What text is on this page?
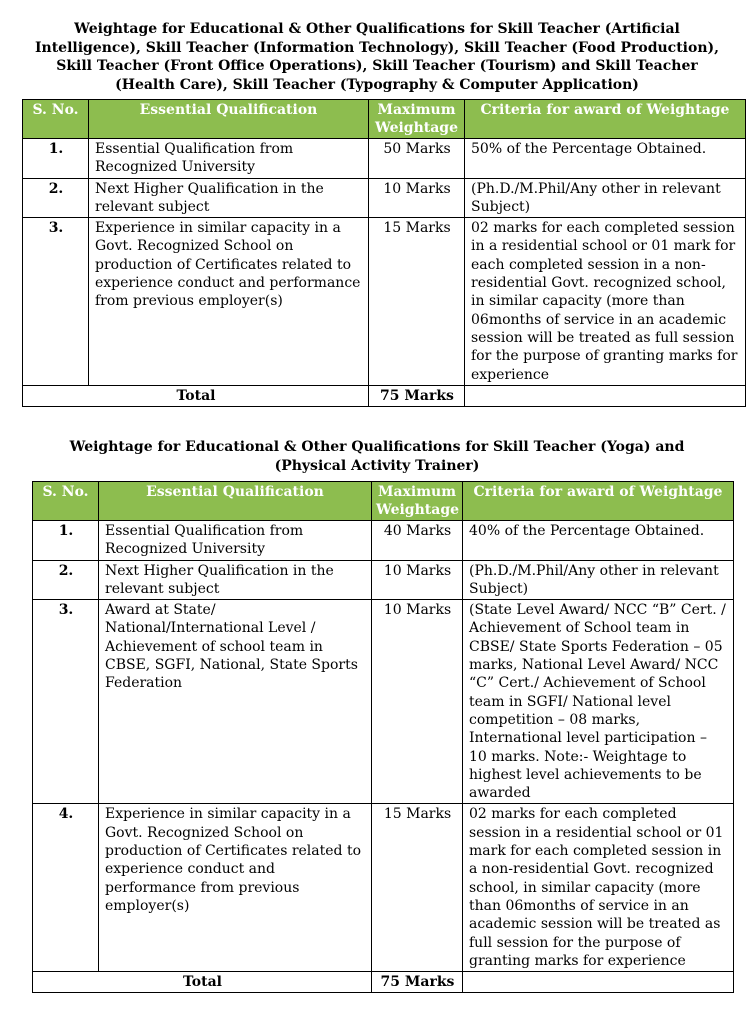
Weightage for Educational & Other Qualifications for Skill Teacher (Artificial Intelligence), Skill Teacher (Information Technology), Skill Teacher (Food Production), Skill Teacher (Front Office Operations), Skill Teacher (Tourism) and Skill Teacher (Health Care), Skill Teacher (Typography & Computer Application)
S. No.	Essential Qualification	Maximum Weightage	Criteria for award of Weightage
1.	Essential Qualification from Recognized University	50 Marks	50% of the Percentage Obtained.
2.	Next Higher Qualification in the relevant subject	10 Marks	(Ph.D./M.Phil/Any other in relevant Subject)
3.	Experience in similar capacity in a Govt. Recognized School on production of Certificates related to experience conduct and performance from previous employer(s)	15 Marks	02 marks for each completed session in a residential school or 01 mark for each completed session in a non-residential Govt. recognized school, in similar capacity (more than 06months of service in an academic session will be treated as full session for the purpose of granting marks for experience
Total		75 Marks	
Weightage for Educational & Other Qualifications for Skill Teacher (Yoga) and (Physical Activity Trainer)
S. No.	Essential Qualification	Maximum Weightage	Criteria for award of Weightage
1.	Essential Qualification from Recognized University	40 Marks	40% of the Percentage Obtained.
2.	Next Higher Qualification in the relevant subject	10 Marks	(Ph.D./M.Phil/Any other in relevant Subject)
3.	Award at State/ National/International Level / Achievement of school team in CBSE, SGFI, National, State Sports Federation	10 Marks	(State Level Award/ NCC “B” Cert. / Achievement of School team in CBSE/ State Sports Federation – 05 marks, National Level Award/ NCC “C” Cert./ Achievement of School team in SGFI/ National level competition – 08 marks, International level participation – 10 marks. Note:- Weightage to highest level achievements to be awarded
4.	Experience in similar capacity in a Govt. Recognized School on production of Certificates related to experience conduct and performance from previous employer(s)	15 Marks	02 marks for each completed session in a residential school or 01 mark for each completed session in a non-residential Govt. recognized school, in similar capacity (more than 06months of service in an academic session will be treated as full session for the purpose of granting marks for experience
Total		75 Marks	
